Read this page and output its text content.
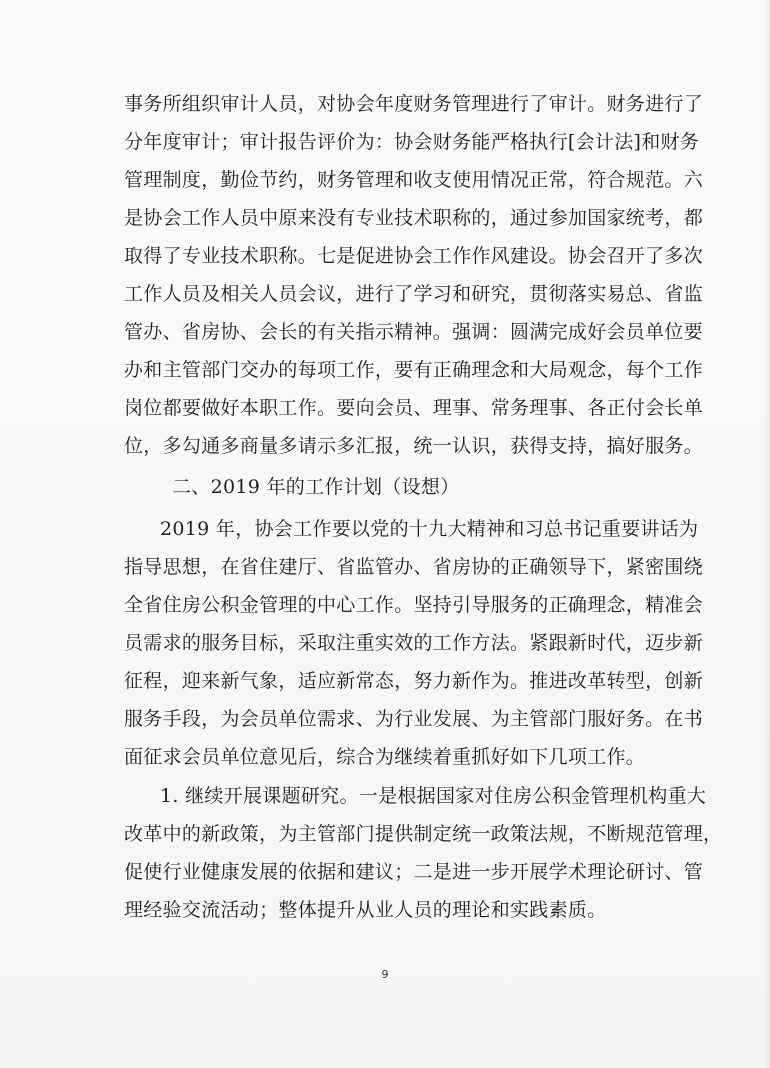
事务所组织审计人员，对协会年度财务管理进行了审计。财务进行了
分年度审计；审计报告评价为：协会财务能严格执行[会计法]和财务
管理制度，勤俭节约，财务管理和收支使用情况正常，符合规范。六
是协会工作人员中原来没有专业技术职称的，通过参加国家统考，都
取得了专业技术职称。七是促进协会工作作风建设。协会召开了多次
工作人员及相关人员会议，进行了学习和研究，贯彻落实易总、省监
管办、省房协、会长的有关指示精神。强调：圆满完成好会员单位要
办和主管部门交办的每项工作，要有正确理念和大局观念，每个工作
岗位都要做好本职工作。要向会员、理事、常务理事、各正付会长单
位，多勾通多商量多请示多汇报，统一认识，获得支持，搞好服务。
二、2019 年的工作计划（设想）
2019 年，协会工作要以党的十九大精神和习总书记重要讲话为
指导思想，在省住建厅、省监管办、省房协的正确领导下，紧密围绕
全省住房公积金管理的中心工作。坚持引导服务的正确理念，精准会
员需求的服务目标，采取注重实效的工作方法。紧跟新时代，迈步新
征程，迎来新气象，适应新常态，努力新作为。推进改革转型，创新
服务手段，为会员单位需求、为行业发展、为主管部门服好务。在书
面征求会员单位意见后，综合为继续着重抓好如下几项工作。
1. 继续开展课题研究。一是根据国家对住房公积金管理机构重大
改革中的新政策，为主管部门提供制定统一政策法规，不断规范管理，
促使行业健康发展的依据和建议；二是进一步开展学术理论研讨、管
理经验交流活动；整体提升从业人员的理论和实践素质。
9
